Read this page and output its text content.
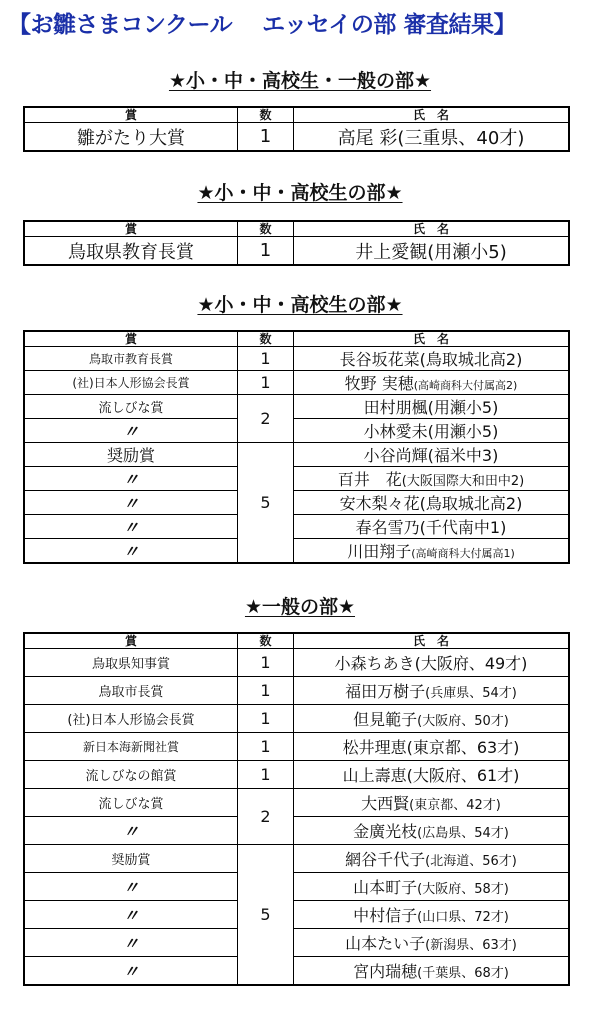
【お雛さまコンクール　 エッセイの部 審査結果】
★小・中・高校生・一般の部★
賞	数	氏　名
雛がたり大賞	1	高尾 彩(三重県、40才)
★小・中・高校生の部★
賞	数	氏　名
鳥取県教育長賞	1	井上愛観(用瀬小5)
★小・中・高校生の部★
賞	数	氏　名
鳥取市教育長賞	1	長谷坂花菜(鳥取城北高2)
(社)日本人形協会長賞	1	牧野 実穂(高崎商科大付属高2)
流しびな賞	2	田村朋楓(用瀬小5)
〃		小林愛未(用瀬小5)
奨励賞	5	小谷尚輝(福米中3)
〃		百井　花(大阪国際大和田中2)
〃		安木梨々花(鳥取城北高2)
〃		春名雪乃(千代南中1)
〃		川田翔子(高崎商科大付属高1)
★一般の部★
賞	数	氏　名
鳥取県知事賞	1	小森ちあき(大阪府、49才)
鳥取市長賞	1	福田万樹子(兵庫県、54才)
(社)日本人形協会長賞	1	但見範子(大阪府、50才)
新日本海新聞社賞	1	松井理恵(東京都、63才)
流しびなの館賞	1	山上壽恵(大阪府、61才)
流しびな賞	2	大西賢(東京都、42才)
〃		金廣光枝(広島県、54才)
奨励賞	5	網谷千代子(北海道、56才)
〃		山本町子(大阪府、58才)
〃		中村信子(山口県、72才)
〃		山本たい子(新潟県、63才)
〃		宮内瑞穂(千葉県、68才)
